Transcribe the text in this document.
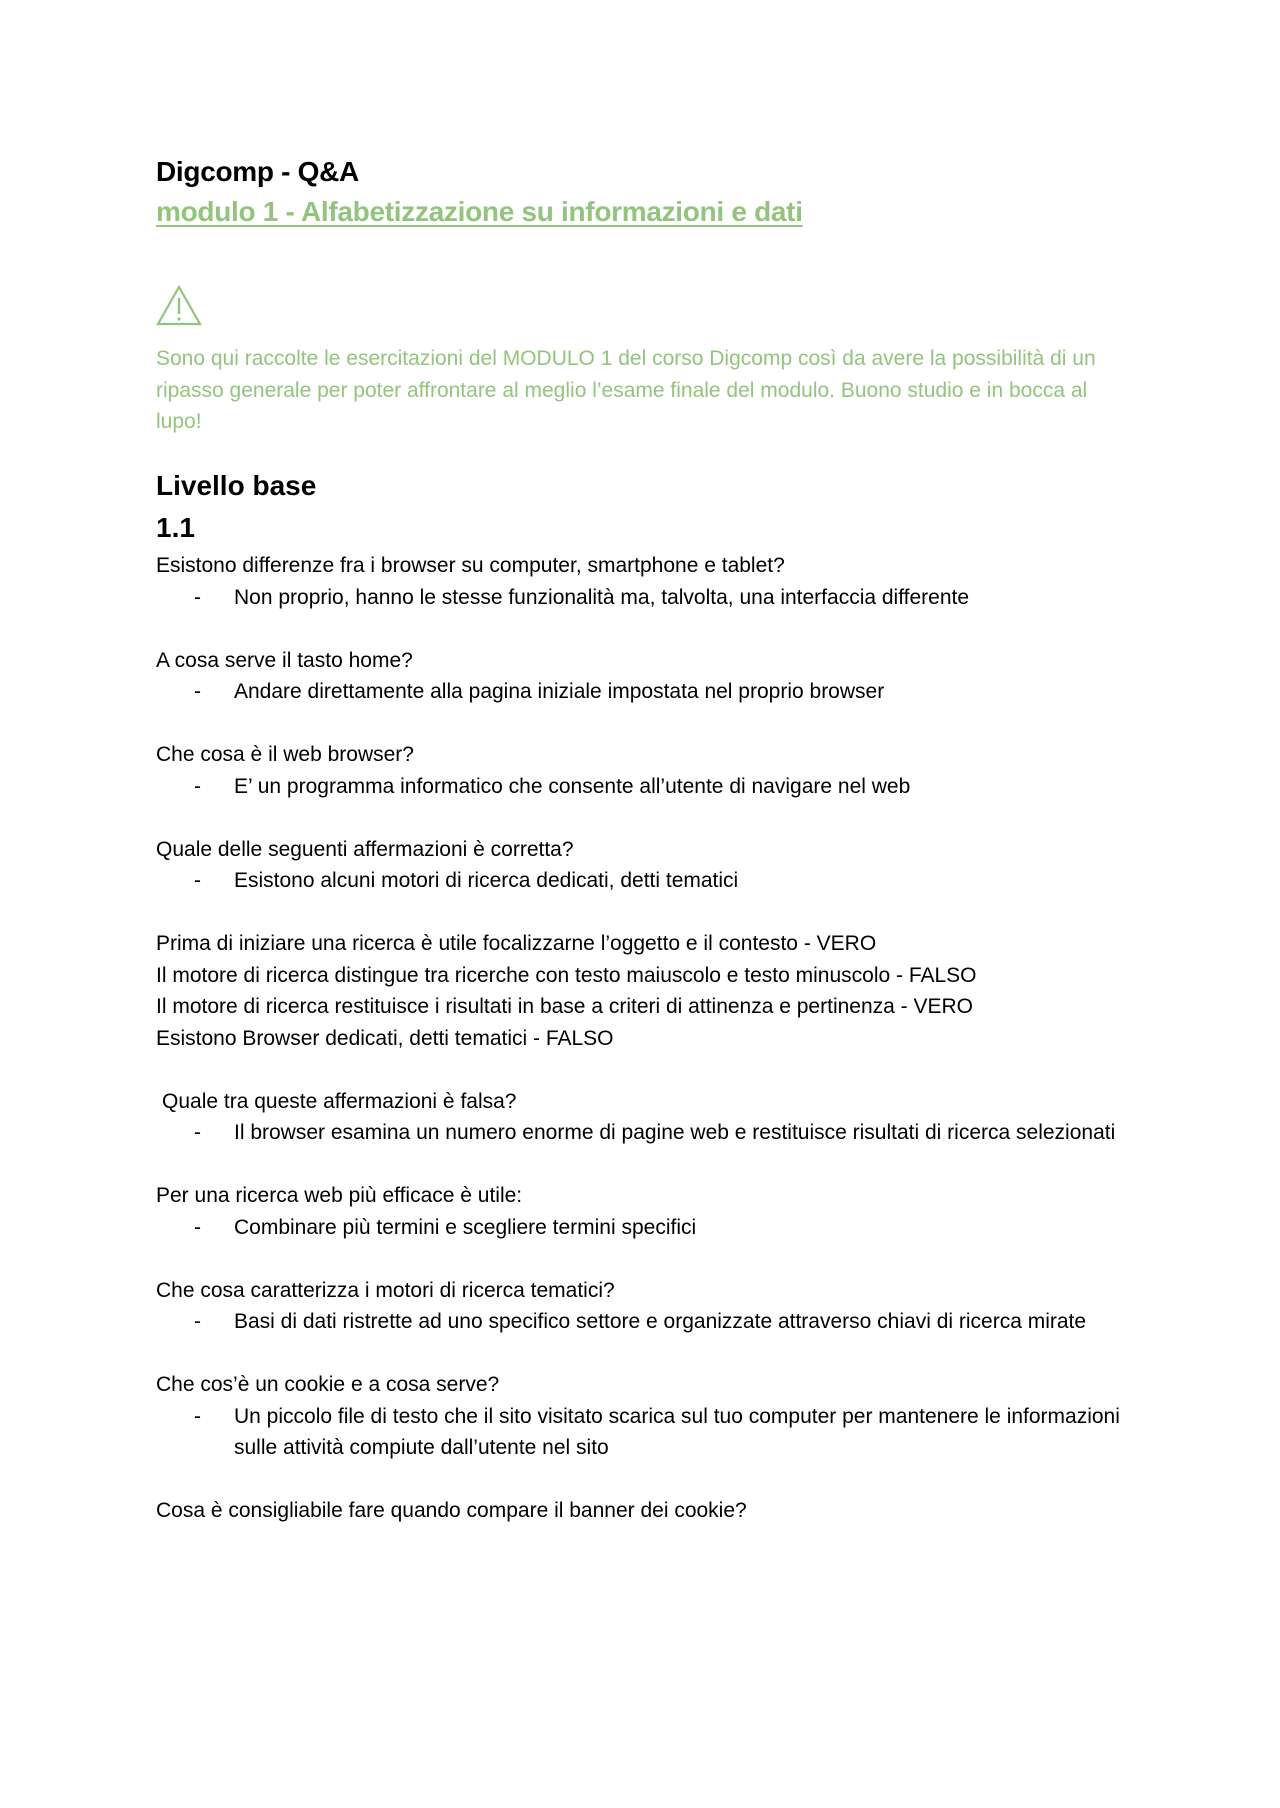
Digcomp - Q&A
modulo 1 - Alfabetizzazione su informazioni e dati
Sono qui raccolte le esercitazioni del MODULO 1 del corso Digcomp così da avere la possibilità di un ripasso generale per poter affrontare al meglio l’esame finale del modulo. Buono studio e in bocca al lupo!
Livello base
1.1
Esistono differenze fra i browser su computer, smartphone e tablet?
- Non proprio, hanno le stesse funzionalità ma, talvolta, una interfaccia differente
A cosa serve il tasto home?
- Andare direttamente alla pagina iniziale impostata nel proprio browser
Che cosa è il web browser?
- E’ un programma informatico che consente all’utente di navigare nel web
Quale delle seguenti affermazioni è corretta?
- Esistono alcuni motori di ricerca dedicati, detti tematici
Prima di iniziare una ricerca è utile focalizzarne l’oggetto e il contesto - VERO
Il motore di ricerca distingue tra ricerche con testo maiuscolo e testo minuscolo - FALSO
Il motore di ricerca restituisce i risultati in base a criteri di attinenza e pertinenza - VERO
Esistono Browser dedicati, detti tematici - FALSO
Quale tra queste affermazioni è falsa?
- Il browser esamina un numero enorme di pagine web e restituisce risultati di ricerca selezionati
Per una ricerca web più efficace è utile:
- Combinare più termini e scegliere termini specifici
Che cosa caratterizza i motori di ricerca tematici?
- Basi di dati ristrette ad uno specifico settore e organizzate attraverso chiavi di ricerca mirate
Che cos’è un cookie e a cosa serve?
- Un piccolo file di testo che il sito visitato scarica sul tuo computer per mantenere le informazioni sulle attività compiute dall’utente nel sito
Cosa è consigliabile fare quando compare il banner dei cookie?
